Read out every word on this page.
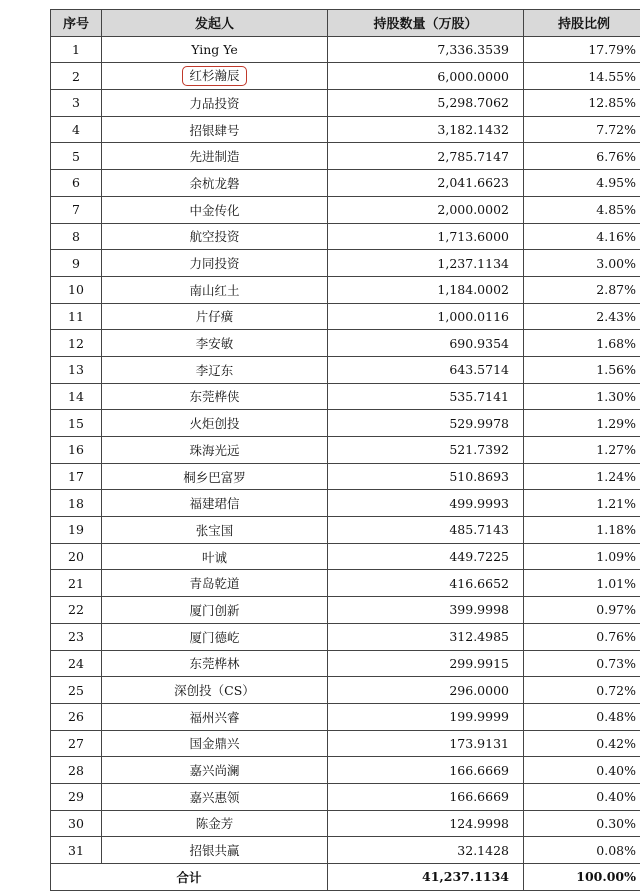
序号	发起人	持股数量（万股）	持股比例
1	Ying Ye	7,336.3539	17.79%
2	红杉瀚辰	6,000.0000	14.55%
3	力品投资	5,298.7062	12.85%
4	招银肆号	3,182.1432	7.72%
5	先进制造	2,785.7147	6.76%
6	余杭龙磐	2,041.6623	4.95%
7	中金传化	2,000.0002	4.85%
8	航空投资	1,713.6000	4.16%
9	力同投资	1,237.1134	3.00%
10	南山红土	1,184.0002	2.87%
11	片仔癀	1,000.0116	2.43%
12	李安敏	690.9354	1.68%
13	李辽东	643.5714	1.56%
14	东莞桦侠	535.7141	1.30%
15	火炬创投	529.9978	1.29%
16	珠海光远	521.7392	1.27%
17	桐乡巴富罗	510.8693	1.24%
18	福建珺信	499.9993	1.21%
19	张宝国	485.7143	1.18%
20	叶诚	449.7225	1.09%
21	青岛乾道	416.6652	1.01%
22	厦门创新	399.9998	0.97%
23	厦门德屹	312.4985	0.76%
24	东莞桦林	299.9915	0.73%
25	深创投（CS）	296.0000	0.72%
26	福州兴睿	199.9999	0.48%
27	国金鼎兴	173.9131	0.42%
28	嘉兴尚澜	166.6669	0.40%
29	嘉兴惠领	166.6669	0.40%
30	陈金芳	124.9998	0.30%
31	招银共赢	32.1428	0.08%
合计		41,237.1134	100.00%
